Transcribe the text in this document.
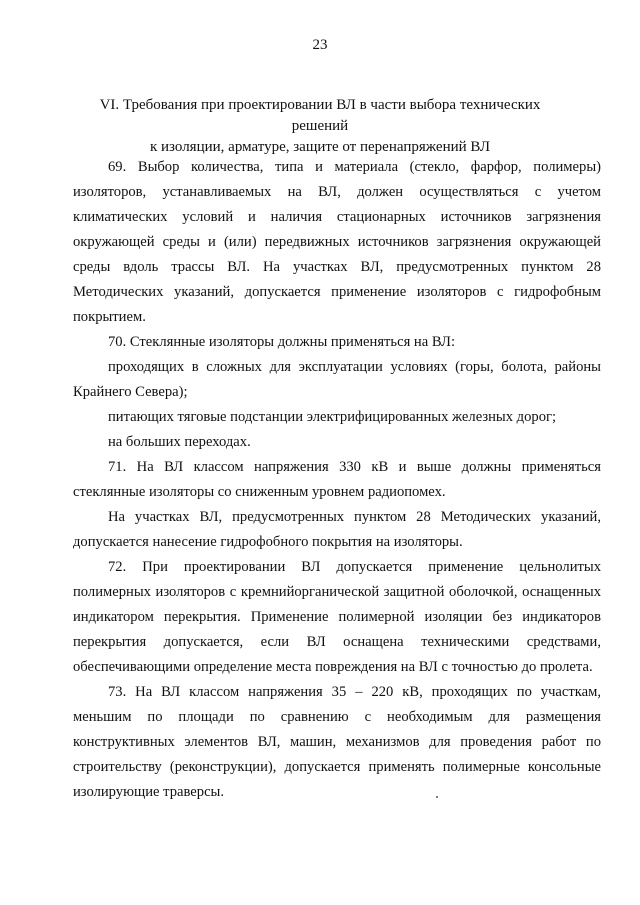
23
VI. Требования при проектировании ВЛ в части выбора технических решений
к изоляции, арматуре, защите от перенапряжений ВЛ

69. Выбор количества, типа и материала (стекло, фарфор, полимеры) изоляторов, устанавливаемых на ВЛ, должен осуществляться с учетом климатических условий и наличия стационарных источников загрязнения окружающей среды и (или) передвижных источников загрязнения окружающей среды вдоль трассы ВЛ. На участках ВЛ, предусмотренных пунктом 28 Методических указаний, допускается применение изоляторов с гидрофобным покрытием.

70. Стеклянные изоляторы должны применяться на ВЛ:

проходящих в сложных для эксплуатации условиях (горы, болота, районы Крайнего Севера);

питающих тяговые подстанции электрифицированных железных дорог;

на больших переходах.

71. На ВЛ классом напряжения 330 кВ и выше должны применяться стеклянные изоляторы со сниженным уровнем радиопомех.

На участках ВЛ, предусмотренных пунктом 28 Методических указаний, допускается нанесение гидрофобного покрытия на изоляторы.

72. При проектировании ВЛ допускается применение цельнолитых полимерных изоляторов с кремнийорганической защитной оболочкой, оснащенных индикатором перекрытия. Применение полимерной изоляции без индикаторов перекрытия допускается, если ВЛ оснащена техническими средствами, обеспечивающими определение места повреждения на ВЛ с точностью до пролета.

73. На ВЛ классом напряжения 35 – 220 кВ, проходящих по участкам, меньшим по площади по сравнению с необходимым для размещения конструктивных элементов ВЛ, машин, механизмов для проведения работ по строительству (реконструкции), допускается применять полимерные консольные изолирующие траверсы.
